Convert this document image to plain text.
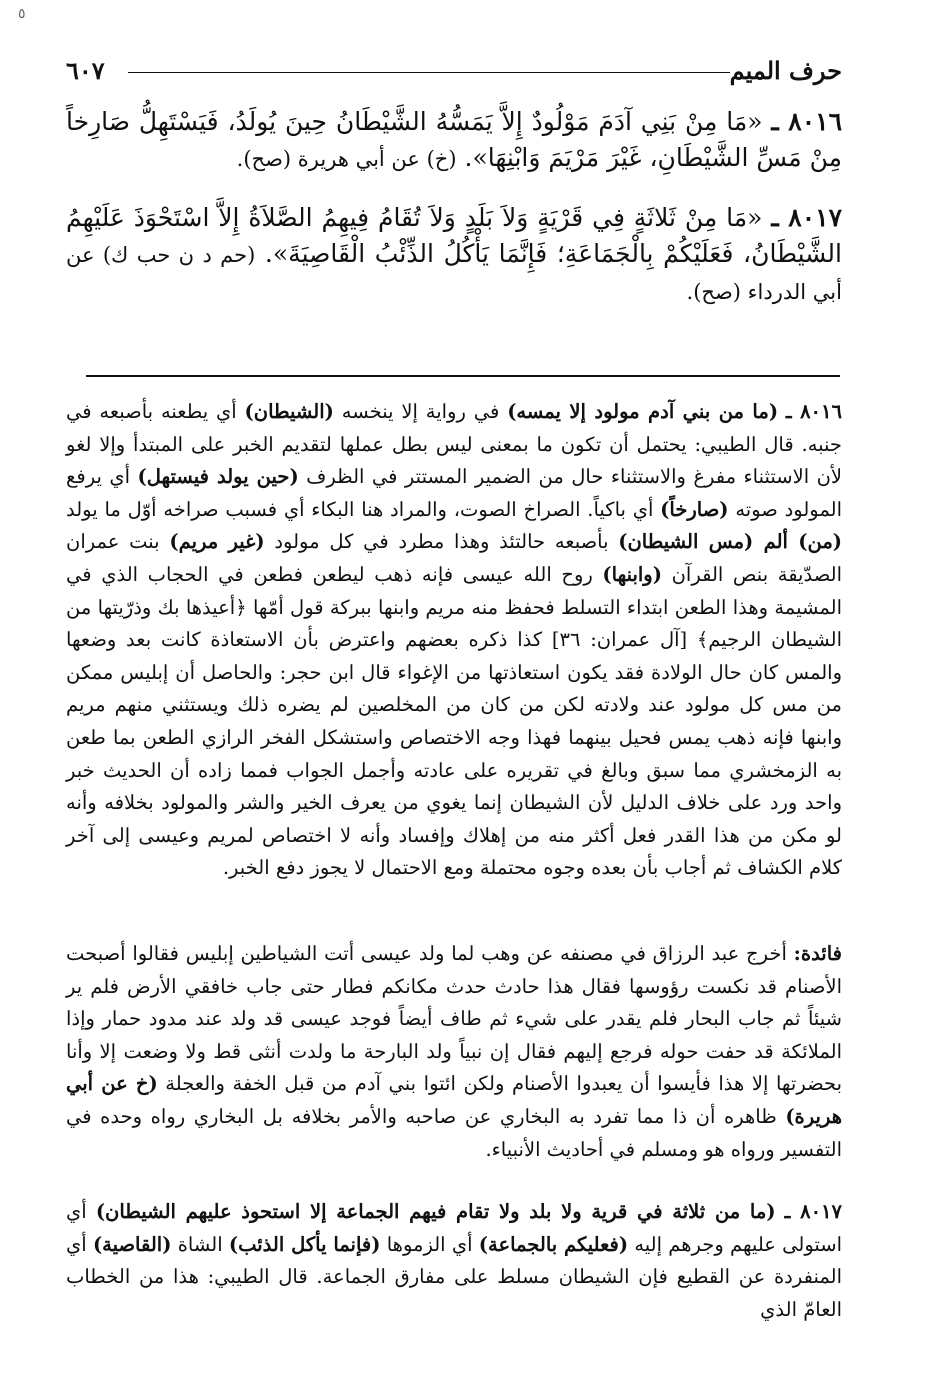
٥
حرف الميم
٦٠٧

٨٠١٦ ـ «مَا مِنْ بَنِي آدَمَ مَوْلُودٌ إِلاَّ يَمَسُّهُ الشَّيْطَانُ حِينَ يُولَدُ، فَيَسْتَهِلُّ صَارِخاً مِنْ مَسِّ الشَّيْطَانِ، غَيْرَ مَرْيَمَ وَابْنِهَا». (خ) عن أبي هريرة (صح).

٨٠١٧ ـ «مَا مِنْ ثَلاثَةٍ فِي قَرْيَةٍ وَلاَ بَلَدٍ وَلاَ تُقَامُ فِيهِمُ الصَّلاَةُ إِلاَّ اسْتَحْوَذَ عَلَيْهِمُ الشَّيْطَانُ، فَعَلَيْكُمْ بِالْجَمَاعَةِ؛ فَإِنَّمَا يَأْكُلُ الذِّئْبُ الْقَاصِيَةَ». (حم د ن حب ك) عن أبي الدرداء (صح).

٨٠١٦ ـ (ما من بني آدم مولود إلا يمسه) في رواية إلا ينخسه (الشيطان) أي يطعنه بأصبعه في جنبه. قال الطيبي: يحتمل أن تكون ما بمعنى ليس بطل عملها لتقديم الخبر على المبتدأ وإلا لغو لأن الاستثناء مفرغ والاستثناء حال من الضمير المستتر في الظرف (حين يولد فيستهل) أي يرفع المولود صوته (صارخاً) أي باكياً. الصراخ الصوت، والمراد هنا البكاء أي فسبب صراخه أوّل ما يولد (من) ألم (مس الشيطان) بأصبعه حالتئذ وهذا مطرد في كل مولود (غير مريم) بنت عمران الصدّيقة بنص القرآن (وابنها) روح الله عيسى فإنه ذهب ليطعن فطعن في الحجاب الذي في المشيمة وهذا الطعن ابتداء التسلط فحفظ منه مريم وابنها ببركة قول أمّها ﴿أعيذها بك وذرّيتها من الشيطان الرجيم﴾ [آل عمران: ٣٦] كذا ذكره بعضهم واعترض بأن الاستعاذة كانت بعد وضعها والمس كان حال الولادة فقد يكون استعاذتها من الإغواء قال ابن حجر: والحاصل أن إبليس ممكن من مس كل مولود عند ولادته لكن من كان من المخلصين لم يضره ذلك ويستثني منهم مريم وابنها فإنه ذهب يمس فحيل بينهما فهذا وجه الاختصاص واستشكل الفخر الرازي الطعن بما طعن به الزمخشري مما سبق وبالغ في تقريره على عادته وأجمل الجواب فمما زاده أن الحديث خبر واحد ورد على خلاف الدليل لأن الشيطان إنما يغوي من يعرف الخير والشر والمولود بخلافه وأنه لو مكن من هذا القدر فعل أكثر منه من إهلاك وإفساد وأنه لا اختصاص لمريم وعيسى إلى آخر كلام الكشاف ثم أجاب بأن بعده وجوه محتملة ومع الاحتمال لا يجوز دفع الخبر.

فائدة: أخرج عبد الرزاق في مصنفه عن وهب لما ولد عيسى أتت الشياطين إبليس فقالوا أصبحت الأصنام قد نكست رؤوسها فقال هذا حادث حدث مكانكم فطار حتى جاب خافقي الأرض فلم ير شيئاً ثم جاب البحار فلم يقدر على شيء ثم طاف أيضاً فوجد عيسى قد ولد عند مدود حمار وإذا الملائكة قد حفت حوله فرجع إليهم فقال إن نبياً ولد البارحة ما ولدت أنثى قط ولا وضعت إلا وأنا بحضرتها إلا هذا فأيسوا أن يعبدوا الأصنام ولكن ائتوا بني آدم من قبل الخفة والعجلة (خ عن أبي هريرة) ظاهره أن ذا مما تفرد به البخاري عن صاحبه والأمر بخلافه بل البخاري رواه وحده في التفسير ورواه هو ومسلم في أحاديث الأنبياء.

٨٠١٧ ـ (ما من ثلاثة في قرية ولا بلد ولا تقام فيهم الجماعة إلا استحوذ عليهم الشيطان) أي استولى عليهم وجرهم إليه (فعليكم بالجماعة) أي الزموها (فإنما يأكل الذئب) الشاة (القاصية) أي المنفردة عن القطيع فإن الشيطان مسلط على مفارق الجماعة. قال الطيبي: هذا من الخطاب العامّ الذي
